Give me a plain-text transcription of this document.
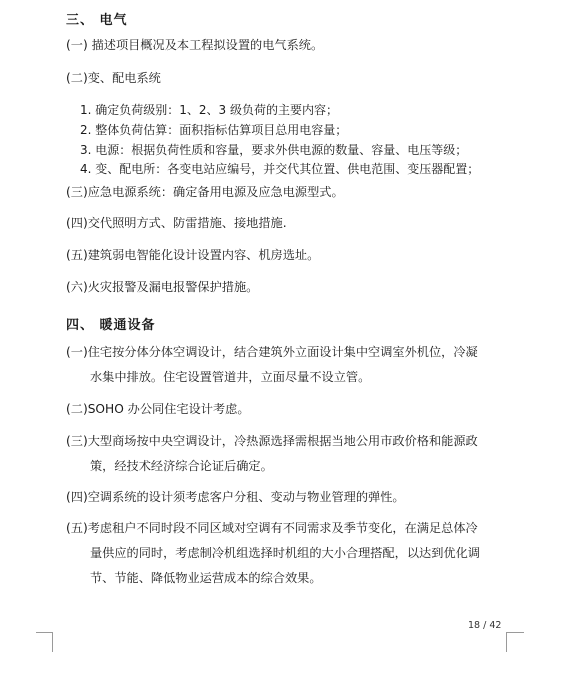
三、 电气
(一) 描述项目概况及本工程拟设置的电气系统。
(二)变、配电系统
1. 确定负荷级别：1、2、3 级负荷的主要内容；
2. 整体负荷估算：面积指标估算项目总用电容量；
3. 电源：根据负荷性质和容量，要求外供电源的数量、容量、电压等级；
4. 变、配电所：各变电站应编号，并交代其位置、供电范围、变压器配置；
(三)应急电源系统：确定备用电源及应急电源型式。
(四)交代照明方式、防雷措施、接地措施.
(五)建筑弱电智能化设计设置内容、机房选址。
(六)火灾报警及漏电报警保护措施。
四、 暖通设备
(一)住宅按分体分体空调设计，结合建筑外立面设计集中空调室外机位，冷凝
水集中排放。住宅设置管道井，立面尽量不设立管。
(二)SOHO 办公同住宅设计考虑。
(三)大型商场按中央空调设计，冷热源选择需根据当地公用市政价格和能源政
策，经技术经济综合论证后确定。
(四)空调系统的设计须考虑客户分租、变动与物业管理的弹性。
(五)考虑租户不同时段不同区域对空调有不同需求及季节变化，在满足总体冷
量供应的同时，考虑制冷机组选择时机组的大小合理搭配，以达到优化调
节、节能、降低物业运营成本的综合效果。
18 / 42
